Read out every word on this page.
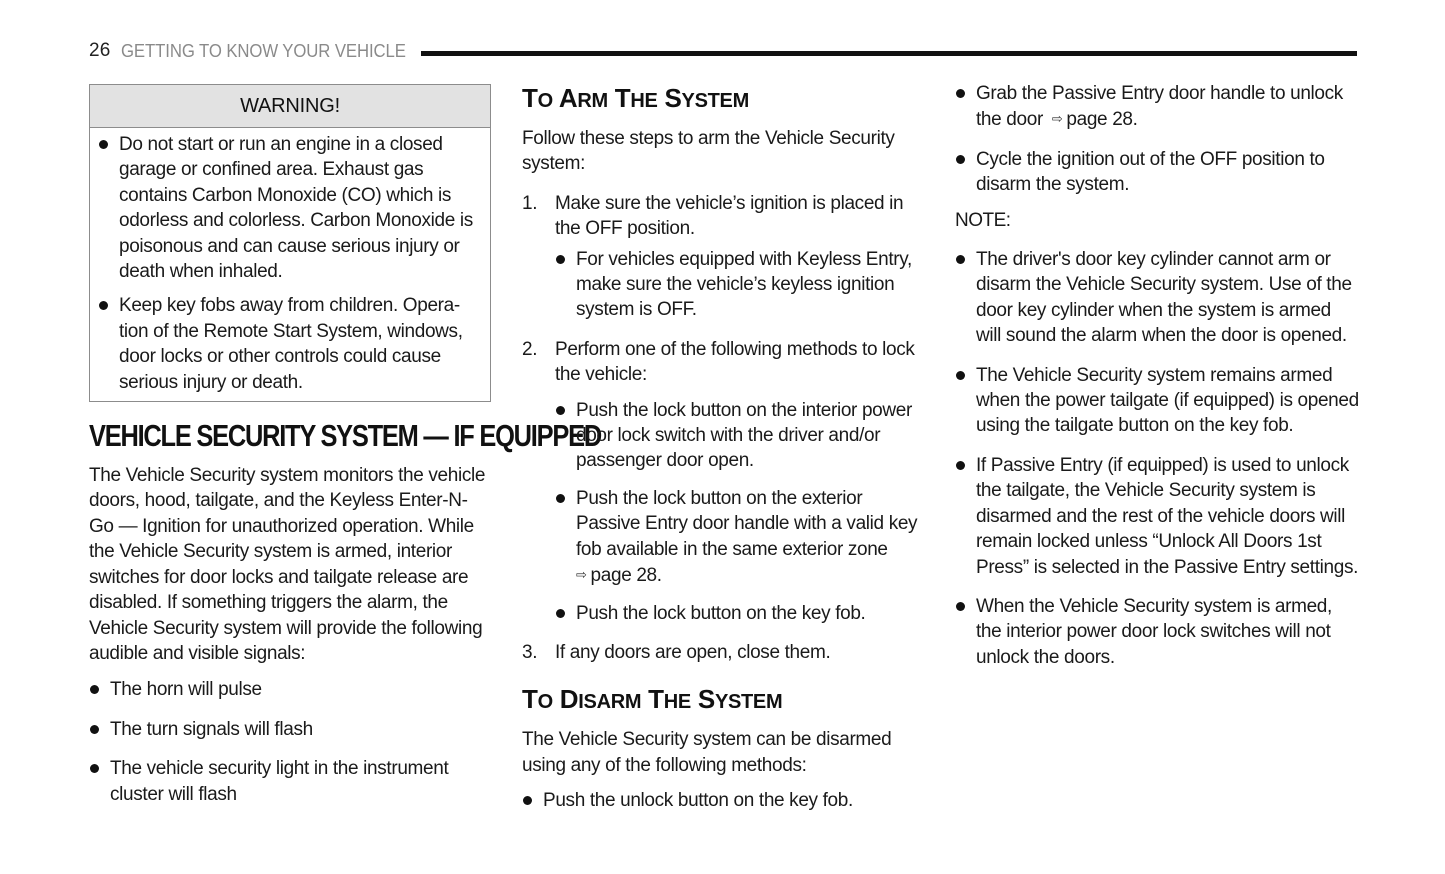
26 GETTING TO KNOW YOUR VEHICLE
WARNING!
Do not start or run an engine in a closed garage or confined area. Exhaust gas contains Carbon Monoxide (CO) which is odorless and colorless. Carbon Monoxide is poisonous and can cause serious injury or death when inhaled.
Keep key fobs away from children. Opera-tion of the Remote Start System, windows, door locks or other controls could cause serious injury or death.
VEHICLE SECURITY SYSTEM — IF EQUIPPED
The Vehicle Security system monitors the vehicle doors, hood, tailgate, and the Keyless Enter-N-Go — Ignition for unauthorized operation. While the Vehicle Security system is armed, interior switches for door locks and tailgate release are disabled. If something triggers the alarm, the Vehicle Security system will provide the following audible and visible signals:
The horn will pulse
The turn signals will flash
The vehicle security light in the instrument cluster will flash
TO ARM THE SYSTEM
Follow these steps to arm the Vehicle Security system:
1. Make sure the vehicle’s ignition is placed in the OFF position.
For vehicles equipped with Keyless Entry, make sure the vehicle’s keyless ignition system is OFF.
2. Perform one of the following methods to lock the vehicle:
Push the lock button on the interior power door lock switch with the driver and/or passenger door open.
Push the lock button on the exterior Passive Entry door handle with a valid key fob available in the same exterior zone
⇨ page 28.
Push the lock button on the key fob.
3. If any doors are open, close them.
TO DISARM THE SYSTEM
The Vehicle Security system can be disarmed using any of the following methods:
Push the unlock button on the key fob.
Grab the Passive Entry door handle to unlock the door ⇨ page 28.
Cycle the ignition out of the OFF position to disarm the system.
NOTE:
The driver's door key cylinder cannot arm or disarm the Vehicle Security system. Use of the door key cylinder when the system is armed will sound the alarm when the door is opened.
The Vehicle Security system remains armed when the power tailgate (if equipped) is opened using the tailgate button on the key fob.
If Passive Entry (if equipped) is used to unlock the tailgate, the Vehicle Security system is disarmed and the rest of the vehicle doors will remain locked unless “Unlock All Doors 1st Press” is selected in the Passive Entry settings.
When the Vehicle Security system is armed, the interior power door lock switches will not unlock the doors.
